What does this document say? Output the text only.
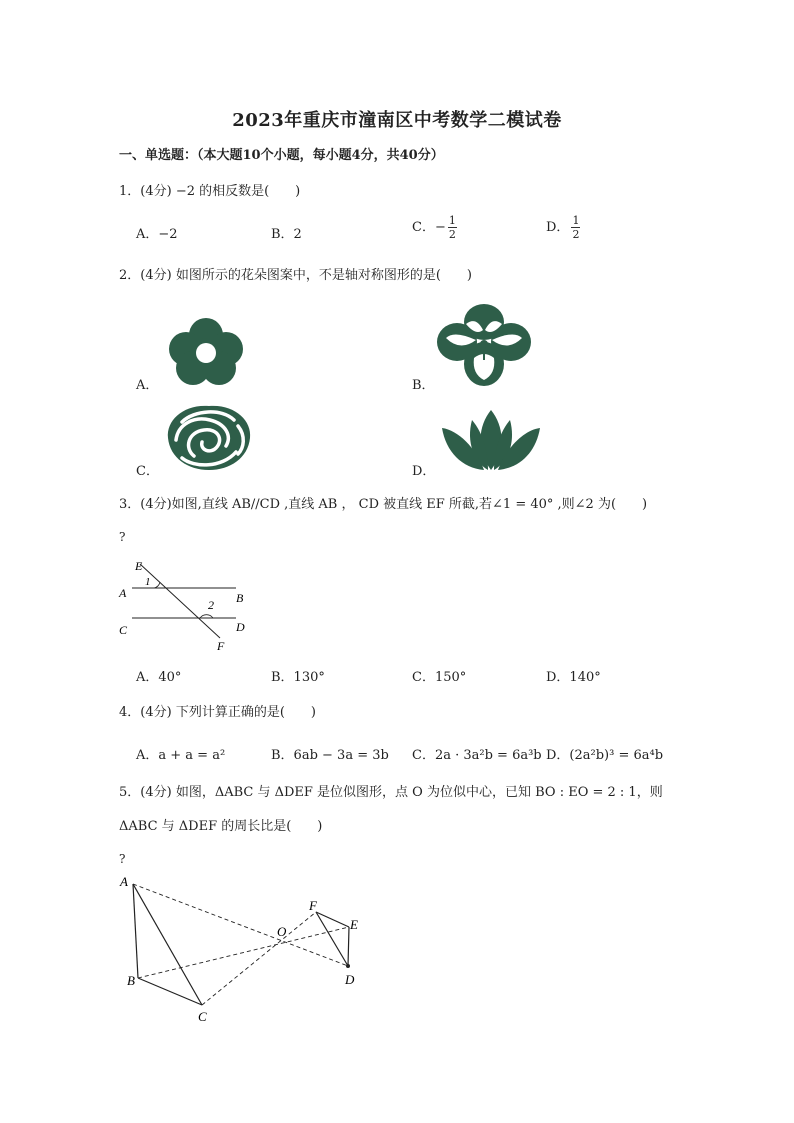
2023年重庆市潼南区中考数学二模试卷
一、单选题：（本大题10个小题，每小题4分，共40分）
1．(4分) −2 的相反数是(　　)
A．−2	B．2	C．− $\frac{1}{2}$	D． $\frac{1}{2}$
2．(4分) 如图所示的花朵图案中，不是轴对称图形的是(　　)
A．	B．
C．	D．
3．(4分)如图,直线 AB//CD ,直线 AB ， CD 被直线 EF 所截,若∠1 = 40° ,则∠2 为(　　)
?
E
1
A	B
2
C	D
F
A．40°	B．130°	C．150°	D．140°
4．(4分) 下列计算正确的是(　　)
A．a + a = a²	B．6ab − 3a = 3b C．2a · 3a²b = 6a³b D．(2a²b)³ = 6a⁴b
5．(4分) 如图，ΔABC 与 ΔDEF 是位似图形，点 O 为位似中心，已知 BO : EO = 2 : 1，则
ΔABC 与 ΔDEF 的周长比是(　　)
?
A
B
C
O
F
E
D
